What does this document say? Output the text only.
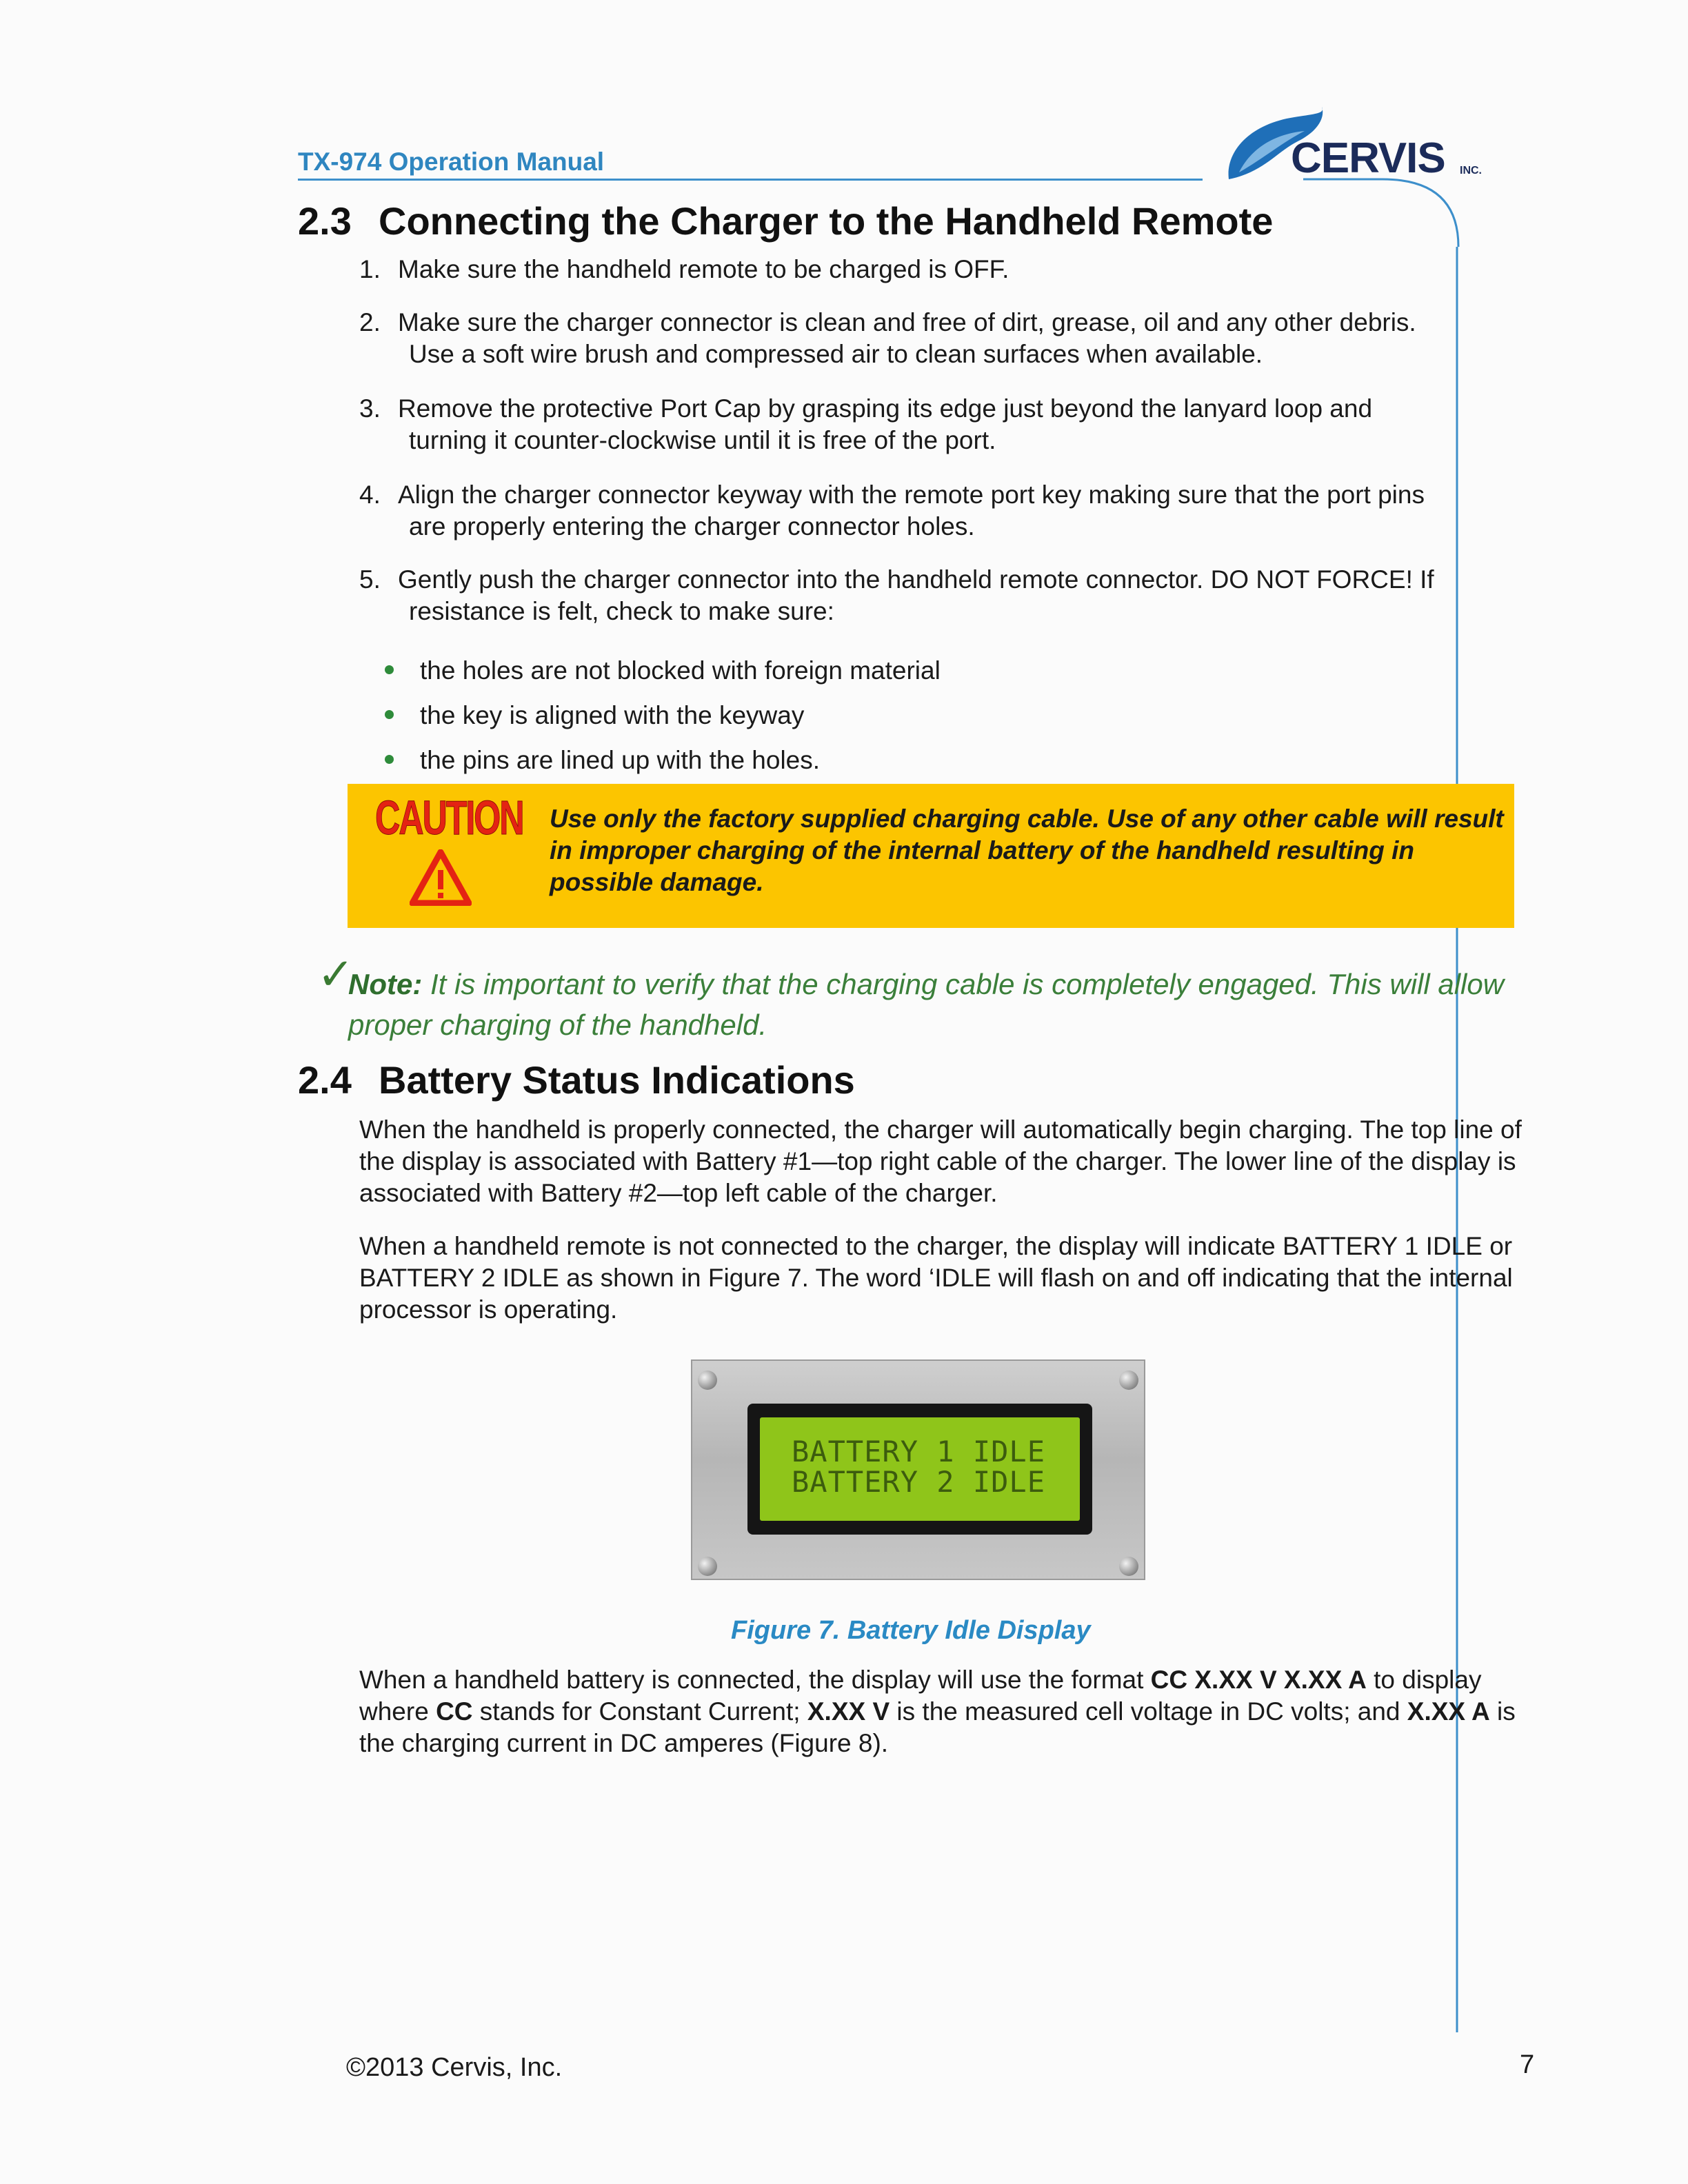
TX-974 Operation Manual	CERVIS INC.
2.3 Connecting the Charger to the Handheld Remote
1. Make sure the handheld remote to be charged is OFF.
2. Make sure the charger connector is clean and free of dirt, grease, oil and any other debris.
Use a soft wire brush and compressed air to clean surfaces when available.
3. Remove the protective Port Cap by grasping its edge just beyond the lanyard loop and
turning it counter-clockwise until it is free of the port.
4. Align the charger connector keyway with the remote port key making sure that the port pins
are properly entering the charger connector holes.
5. Gently push the charger connector into the handheld remote connector. DO NOT FORCE! If
resistance is felt, check to make sure:
the holes are not blocked with foreign material
the key is aligned with the keyway
the pins are lined up with the holes.
CAUTION Use only the factory supplied charging cable. Use of any other cable will result in improper charging of the internal battery of the handheld resulting in possible damage.
✓
Note: It is important to verify that the charging cable is completely engaged. This will allow proper charging of the handheld.
2.4 Battery Status Indications
When the handheld is properly connected, the charger will automatically begin charging. The top line of the display is associated with Battery #1—top right cable of the charger. The lower line of the display is associated with Battery #2—top left cable of the charger.
When a handheld remote is not connected to the charger, the display will indicate BATTERY 1 IDLE or BATTERY 2 IDLE as shown in Figure 7. The word ‘IDLE will flash on and off indicating that the internal processor is operating.
BATTERY 1 IDLE
BATTERY 2 IDLE
Figure 7. Battery Idle Display
When a handheld battery is connected, the display will use the format CC X.XX V X.XX A to display where CC stands for Constant Current; X.XX V is the measured cell voltage in DC volts; and X.XX A is the charging current in DC amperes (Figure 8).
©2013 Cervis, Inc.	7
